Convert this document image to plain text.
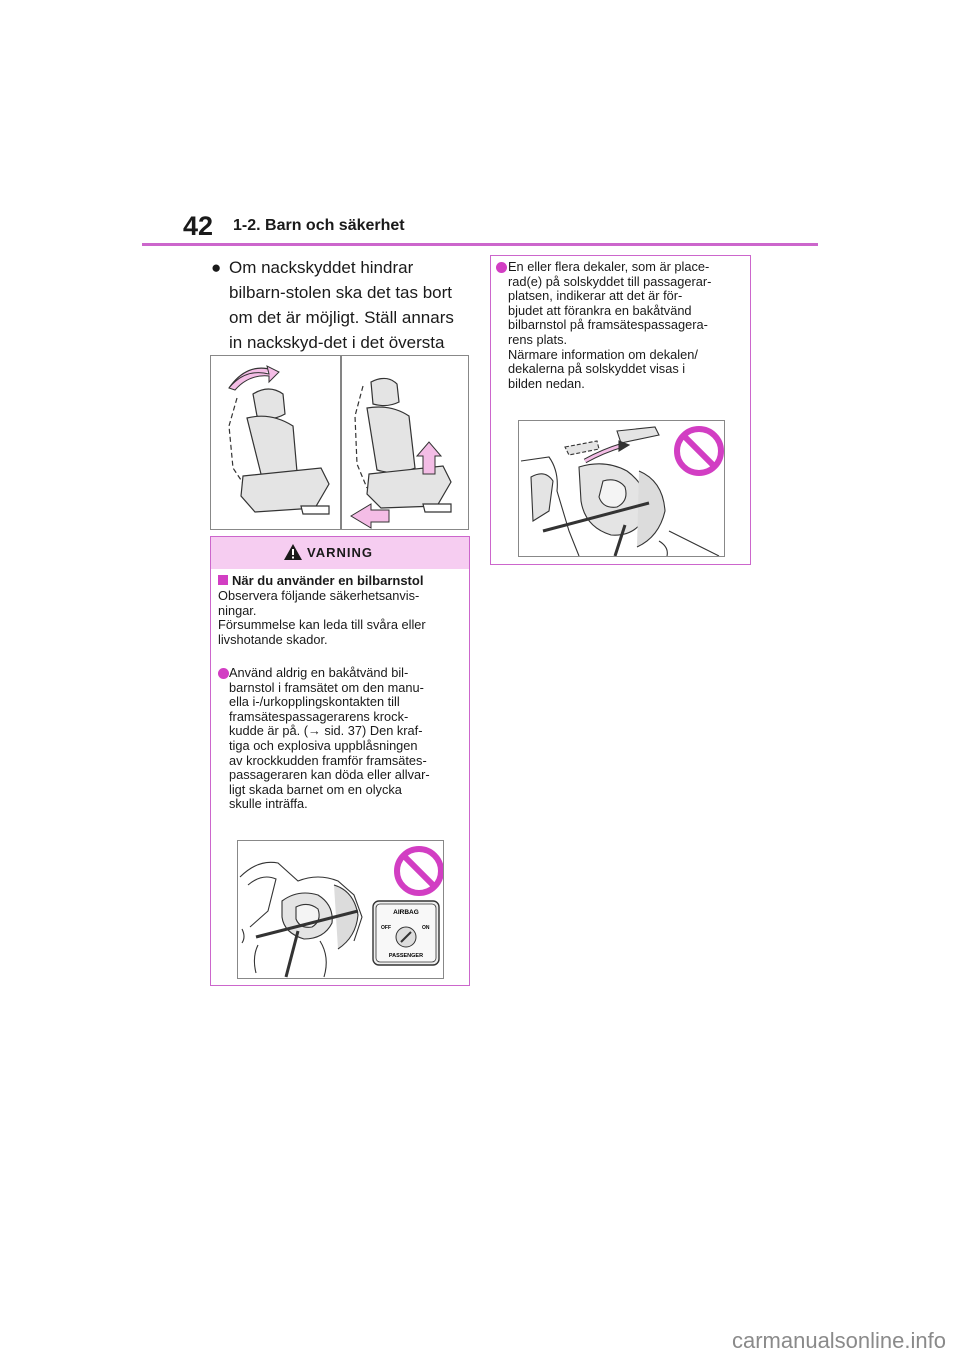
42 1-2. Barn och säkerhet
● Om nackskyddet hindrar bilbarn-stolen ska det tas bort om det är möjligt. Ställ annars in nackskyd-det i det översta
VARNING
När du använder en bilbarnstol
Observera följande säkerhetsanvis-
ningar.
Försummelse kan leda till svåra eller
livshotande skador.
Använd aldrig en bakåtvänd bil-
barnstol i framsätet om den manu-
ella i-/urkopplingskontakten till
framsätespassagerarens krock-
kudde är på. (→ sid. 37) Den kraf-
tiga och explosiva uppblåsningen
av krockkudden framför framsätes-
passageraren kan döda eller allvar-
ligt skada barnet om en olycka
skulle inträffa.
AIRBAG
OFF	ON
PASSENGER
En eller flera dekaler, som är place-
rad(e) på solskyddet till passagerar-
platsen, indikerar att det är för-
bjudet att förankra en bakåtvänd
bilbarnstol på framsätespassagera-
rens plats.
Närmare information om dekalen/
dekalerna på solskyddet visas i
bilden nedan.
carmanualsonline.info
